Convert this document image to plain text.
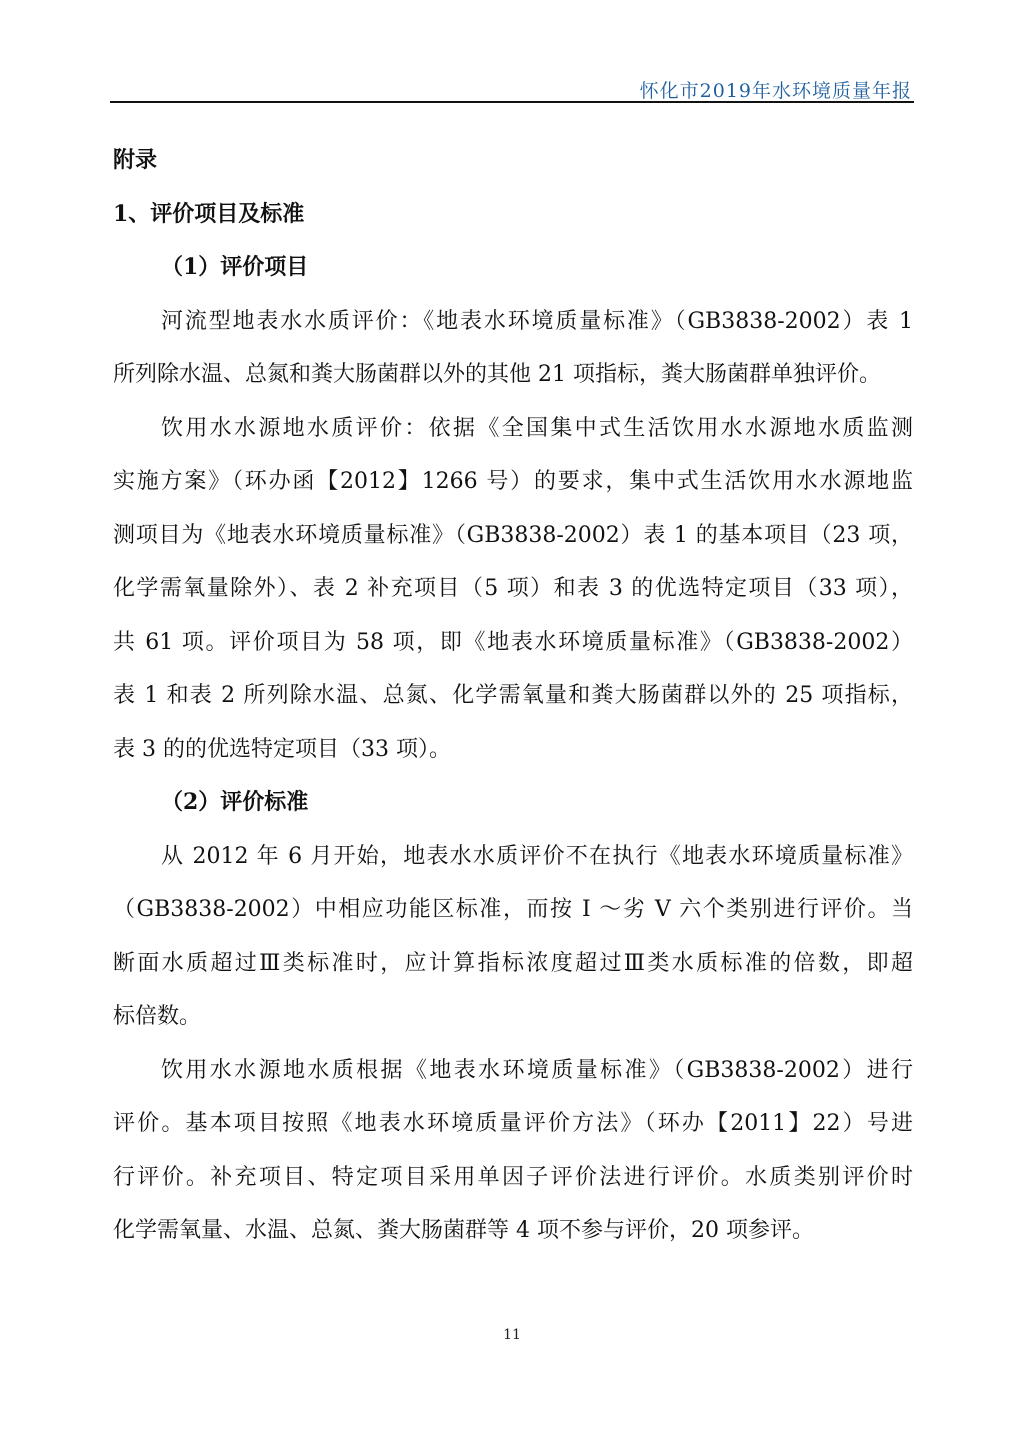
怀化市2019年水环境质量年报

附录

1、评价项目及标准

（1）评价项目

河流型地表水水质评价：《地表水环境质量标准》（GB3838-2002）表 1

所列除水温、总氮和粪大肠菌群以外的其他 21 项指标，粪大肠菌群单独评价。

饮用水水源地水质评价：依据《全国集中式生活饮用水水源地水质监测

实施方案》（环办函【2012】1266 号）的要求，集中式生活饮用水水源地监

测项目为《地表水环境质量标准》（GB3838-2002）表 1 的基本项目（23 项，

化学需氧量除外）、表 2 补充项目（5 项）和表 3 的优选特定项目（33 项），

共 61 项。评价项目为 58 项，即《地表水环境质量标准》（GB3838-2002）

表 1 和表 2 所列除水温、总氮、化学需氧量和粪大肠菌群以外的 25 项指标，

表 3 的的优选特定项目（33 项）。

（2）评价标准

从 2012 年 6 月开始，地表水水质评价不在执行《地表水环境质量标准》

（GB3838-2002）中相应功能区标准，而按 I ～劣 V 六个类别进行评价。当

断面水质超过Ⅲ类标准时，应计算指标浓度超过Ⅲ类水质标准的倍数，即超

标倍数。

饮用水水源地水质根据《地表水环境质量标准》（GB3838-2002）进行

评价。基本项目按照《地表水环境质量评价方法》（环办【2011】22）号进

行评价。补充项目、特定项目采用单因子评价法进行评价。水质类别评价时

化学需氧量、水温、总氮、粪大肠菌群等 4 项不参与评价，20 项参评。

11
